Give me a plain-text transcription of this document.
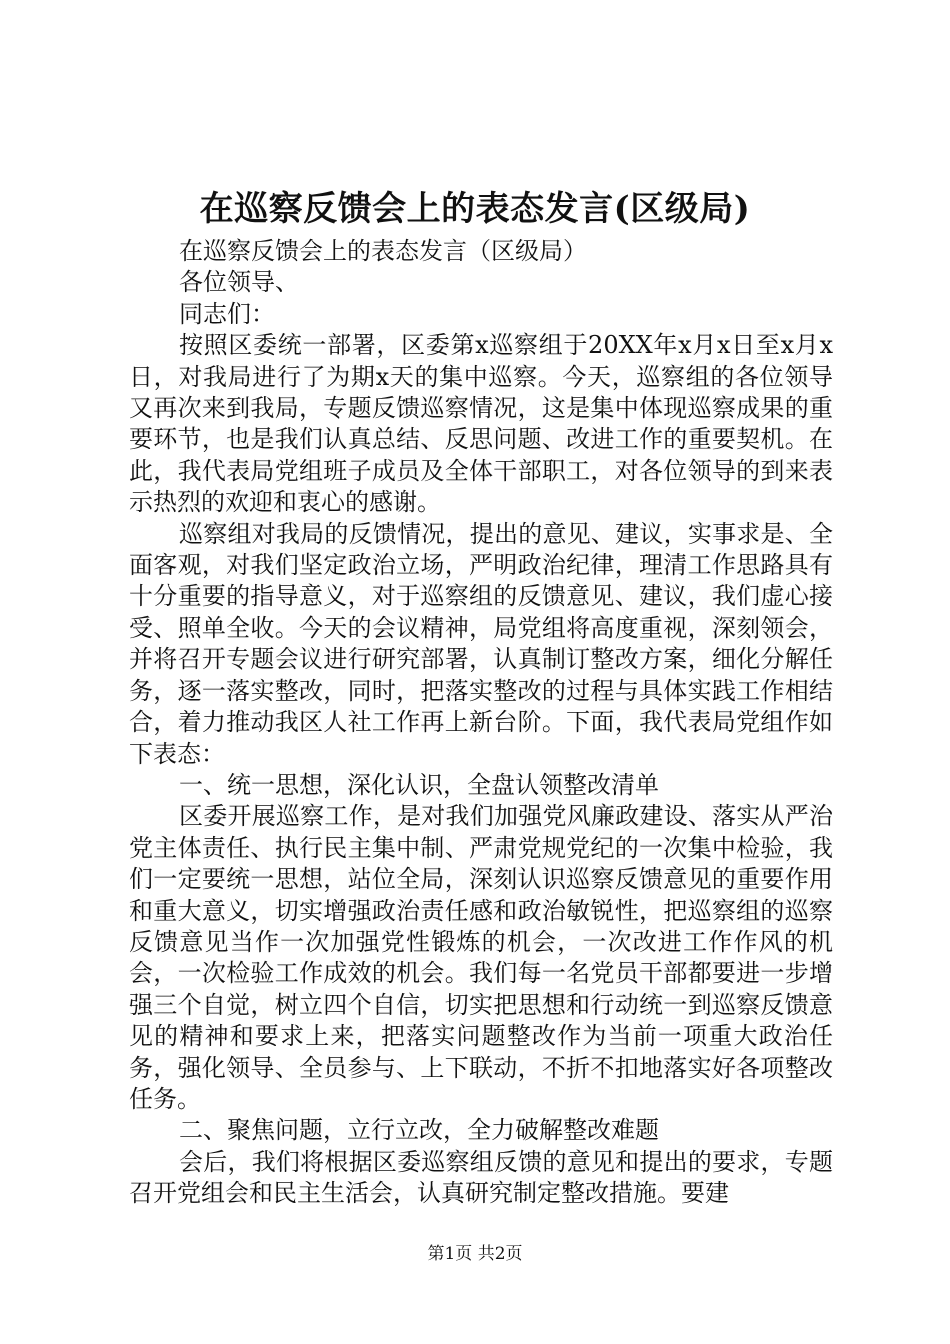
在巡察反馈会上的表态发言(区级局)

在巡察反馈会上的表态发言（区级局）

各位领导、

同志们：

按照区委统一部署，区委第x巡察组于20XX年x月x日至x月x日，对我局进行了为期x天的集中巡察。今天，巡察组的各位领导又再次来到我局，专题反馈巡察情况，这是集中体现巡察成果的重要环节，也是我们认真总结、反思问题、改进工作的重要契机。在此，我代表局党组班子成员及全体干部职工，对各位领导的到来表示热烈的欢迎和衷心的感谢。

巡察组对我局的反馈情况，提出的意见、建议，实事求是、全面客观，对我们坚定政治立场，严明政治纪律，理清工作思路具有十分重要的指导意义，对于巡察组的反馈意见、建议，我们虚心接受、照单全收。今天的会议精神，局党组将高度重视，深刻领会，并将召开专题会议进行研究部署，认真制订整改方案，细化分解任务，逐一落实整改，同时，把落实整改的过程与具体实践工作相结合，着力推动我区人社工作再上新台阶。下面，我代表局党组作如下表态：

一、统一思想，深化认识，全盘认领整改清单

区委开展巡察工作，是对我们加强党风廉政建设、落实从严治党主体责任、执行民主集中制、严肃党规党纪的一次集中检验，我们一定要统一思想，站位全局，深刻认识巡察反馈意见的重要作用和重大意义，切实增强政治责任感和政治敏锐性，把巡察组的巡察反馈意见当作一次加强党性锻炼的机会，一次改进工作作风的机会，一次检验工作成效的机会。我们每一名党员干部都要进一步增强三个自觉，树立四个自信，切实把思想和行动统一到巡察反馈意见的精神和要求上来，把落实问题整改作为当前一项重大政治任务，强化领导、全员参与、上下联动，不折不扣地落实好各项整改任务。

二、聚焦问题，立行立改，全力破解整改难题

会后，我们将根据区委巡察组反馈的意见和提出的要求，专题召开党组会和民主生活会，认真研究制定整改措施。要建

第1页 共2页
